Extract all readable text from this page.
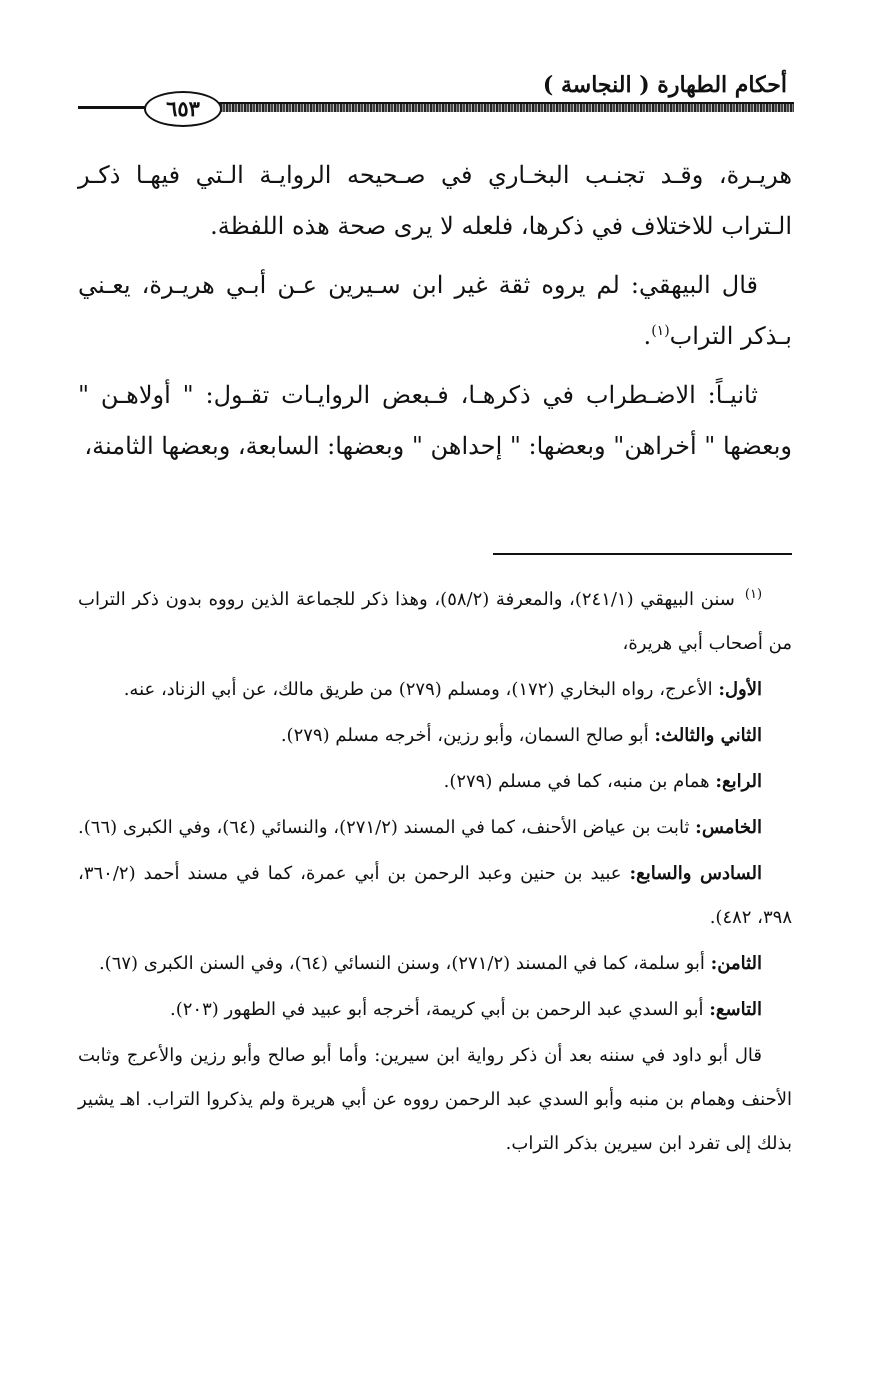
أحكام الطهارة ( النجاسة )
٦٥٣

هريـرة، وقـد تجنـب البخـاري في صـحيحه الروايـة الـتي فيهـا ذكـر الـتراب للاختلاف في ذكرها، فلعله لا يرى صحة هذه اللفظة.

قال البيهقي: لم يروه ثقة غير ابن سـيرين عـن أبـي هريـرة، يعـني بـذكر التراب$^{(١)}$.

ثانيـاً: الاضـطراب في ذكرهـا، فـبعض الروايـات تقـول: " أولاهـن " وبعضها " أخراهن" وبعضها: " إحداهن " وبعضها: السابعة، وبعضها الثامنة،

$^{(١)}$سنن البيهقي (٢٤١/١)، والمعرفة (٥٨/٢)، وهذا ذكر للجماعة الذين رووه بدون ذكر التراب من أصحاب أبي هريرة،

الأول: الأعرج، رواه البخاري (١٧٢)، ومسلم (٢٧٩) من طريق مالك، عن أبي الزناد، عنه.

الثاني والثالث: أبو صالح السمان، وأبو رزين، أخرجه مسلم (٢٧٩).

الرابع: همام بن منبه، كما في مسلم (٢٧٩).

الخامس: ثابت بن عياض الأحنف، كما في المسند (٢٧١/٢)، والنسائي (٦٤)، وفي الكبرى (٦٦).

السادس والسابع: عبيد بن حنين وعبد الرحمن بن أبي عمرة، كما في مسند أحمد (٣٦٠/٢، ٣٩٨، ٤٨٢).

الثامن: أبو سلمة، كما في المسند (٢٧١/٢)، وسنن النسائي (٦٤)، وفي السنن الكبرى (٦٧).

التاسع: أبو السدي عبد الرحمن بن أبي كريمة، أخرجه أبو عبيد في الطهور (٢٠٣).

قال أبو داود في سننه بعد أن ذكر رواية ابن سيرين: وأما أبو صالح وأبو رزين والأعرج وثابت الأحنف وهمام بن منبه وأبو السدي عبد الرحمن رووه عن أبي هريرة ولم يذكروا التراب. اهـ يشير بذلك إلى تفرد ابن سيرين بذكر التراب.
